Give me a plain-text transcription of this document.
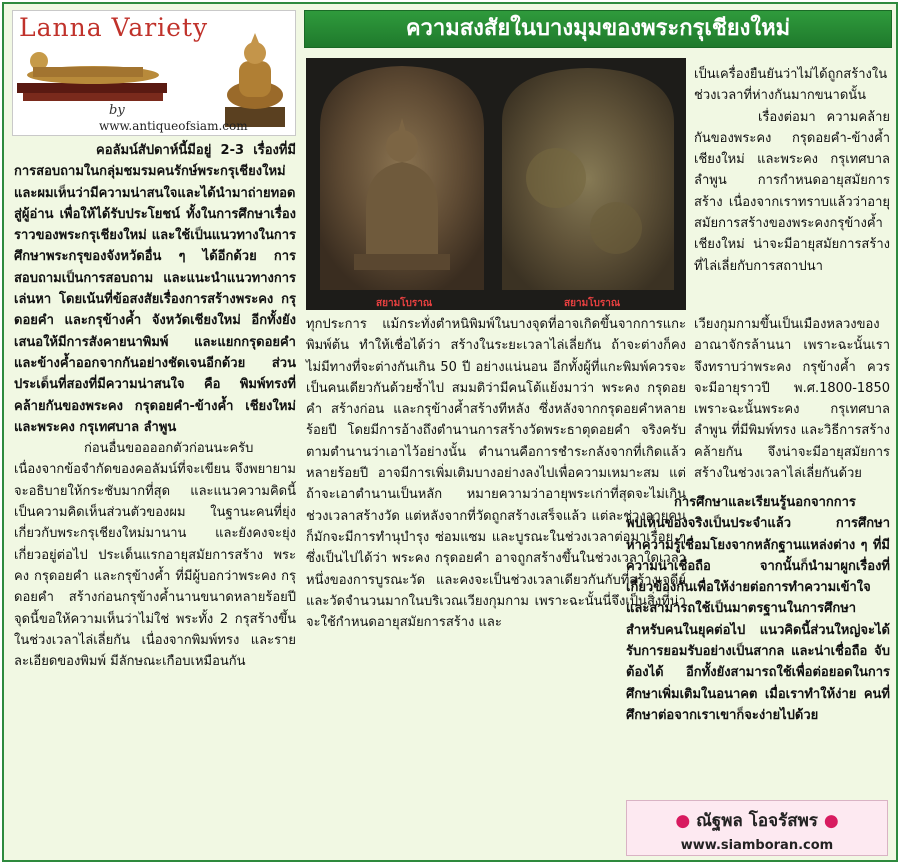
Lanna Variety
by
www.antiqueofsiam.com
ความสงสัยในบางมุมของพระกรุเชียงใหม่
สยามโบราณ	สยามโบราณ

คอลัมน์สัปดาห์นี้มีอยู่ 2-3 เรื่องที่มีการสอบถามในกลุ่มชมรมคนรักษ์พระกรุเชียงใหม่ และผมเห็นว่ามีความน่าสนใจและได้นำมาถ่ายทอดสู่ผู้อ่าน เพื่อให้ได้รับประโยชน์ ทั้งในการศึกษาเรื่องราวของพระกรุเชียงใหม่ และใช้เป็นแนวทางในการศึกษาพระกรุของจังหวัดอื่น ๆ ได้อีกด้วย การสอบถามเป็นการสอบถาม และแนะนำแนวทางการเล่นหา โดยเน้นที่ข้อสงสัยเรื่องการสร้างพระคง กรุดอยคำ และกรุข้างค้ำ จังหวัดเชียงใหม่ อีกทั้งยังเสนอให้มีการสังคายนาพิมพ์ และแยกกรุดอยคำ และข้างค้ำออกจากกันอย่างชัดเจนอีกด้วย ส่วนประเด็นที่สองที่มีความน่าสนใจ คือ พิมพ์ทรงที่คล้ายกันของพระคง กรุดอยคำ-ข้างค้ำ เชียงใหม่ และพระคง กรุเทศบาล ลำพูน

ก่อนอื่นขออออกตัวก่อนนะครับ เนื่องจากข้อจำกัดของคอลัมน์ที่จะเขียน จึงพยายามจะอธิบายให้กระชับมากที่สุด และแนวความคิดนี้เป็นความคิดเห็นส่วนตัวของผม ในฐานะคนที่ยุ่งเกี่ยวกับพระกรุเชียงใหม่มานาน และยังคงจะยุ่งเกี่ยวอยู่ต่อไป ประเด็นแรกอายุสมัยการสร้าง พระคง กรุดอยคำ และกรุข้างค้ำ ที่มีผู้บอกว่าพระคง กรุดอยคำ สร้างก่อนกรุข้างค้ำนานขนาดหลายร้อยปี จุดนี้ขอให้ความเห็นว่าไม่ใช่ พระทั้ง 2 กรุสร้างขึ้นในช่วงเวลาไล่เลี่ยกัน เนื่องจากพิมพ์ทรง และรายละเอียดของพิมพ์ มีลักษณะเกือบเหมือนกัน

ทุกประการ แม้กระทั่งตำหนิพิมพ์ในบางจุดที่อาจเกิดขึ้นจากการแกะพิมพ์ต้น ทำให้เชื่อได้ว่า สร้างในระยะเวลาไล่เลี่ยกัน ถ้าจะต่างก็คงไม่มีทางที่จะต่างกันเกิน 50 ปี อย่างแน่นอน อีกทั้งผู้ที่แกะพิมพ์ควรจะเป็นคนเดียวกันด้วยซ้ำไป สมมติว่ามีคนโต้แย้งมาว่า พระคง กรุดอยคำ สร้างก่อน และกรุข้างค้ำสร้างทีหลัง ซึ่งหลังจากกรุดอยคำหลายร้อยปี โดยมีการอ้างถึงตำนานการสร้างวัดพระธาตุดอยคำ จริงครับตามตำนานว่าเอาไว้อย่างนั้น ตำนานคือการชำระกลังจากที่เกิดแล้วหลายร้อยปี อาจมีการเพิ่มเติมบางอย่างลงไปเพื่อความเหมาะสม แต่ถ้าจะเอาตำนานเป็นหลัก หมายความว่าอายุพระเก่าที่สุดจะไม่เกินช่วงเวลาสร้างวัด แต่หลังจากที่วัดถูกสร้างเสร็จแล้ว แต่ละช่วงอายุคน ก็มักจะมีการทำนุบำรุง ซ่อมแซม และบูรณะในช่วงเวลาต่อมาเรื่อย ๆ ซึ่งเป็นไปได้ว่า พระคง กรุดอยคำ อาจถูกสร้างขึ้นในช่วงเวลาใดเวลาหนึ่งของการบูรณะวัด และคงจะเป็นช่วงเวลาเดียวกันกับที่สร้างเจดีย์ และวัดจำนวนมากในบริเวณเวียงกุมกาม เพราะฉะนั้นนี่จึงเป็นสิ่งที่น่าจะใช้กำหนดอายุสมัยการสร้าง และ

เป็นเครื่องยืนยันว่าไม่ได้ถูกสร้างในช่วงเวลาที่ห่างกันมากขนาดนั้น

เรื่องต่อมา ความคล้ายกันของพระคง กรุดอยคำ-ข้างค้ำ เชียงใหม่ และพระคง กรุเทศบาล ลำพูน การกำหนดอายุสมัยการสร้าง เนื่องจากเราทราบแล้วว่าอายุสมัยการสร้างของพระคงกรุข้างค้ำ เชียงใหม่ น่าจะมีอายุสมัยการสร้างที่ไล่เลี่ยกับการสถาปนา

เวียงกุมกามขึ้นเป็นเมืองหลวงของอาณาจักรล้านนา เพราะฉะนั้นเราจึงทราบว่าพระคง กรุข้างค้ำ ควรจะมีอายุราวปี พ.ศ.1800-1850 เพราะฉะนั้นพระคง กรุเทศบาล ลำพูน ที่มีพิมพ์ทรง และวิธีการสร้างคล้ายกัน จึงน่าจะมีอายุสมัยการสร้างในช่วงเวลาไล่เลี่ยกันด้วย

การศึกษาและเรียนรู้นอกจากการพบเห็นของจริงเป็นประจำแล้ว การศึกษาหาความรู้เชื่อมโยงจากหลักฐานแหล่งต่าง ๆ ที่มีความน่าเชื่อถือ จากนั้นก็นำมาผูกเรื่องที่เกี่ยวข้องกันเพื่อให้ง่ายต่อการทำความเข้าใจ และสามารถใช้เป็นมาตรฐานในการศึกษาสำหรับคนในยุคต่อไป แนวคิดนี้ส่วนใหญ่จะได้รับการยอมรับอย่างเป็นสากล และน่าเชื่อถือ จับต้องได้ อีกทั้งยังสามารถใช้เพื่อต่อยอดในการศึกษาเพิ่มเติมในอนาคต เมื่อเราทำให้ง่าย คนที่ศึกษาต่อจากเราเขาก็จะง่ายไปด้วย

● ณัฐพล โอจรัสพร ●
www.siamboran.com
